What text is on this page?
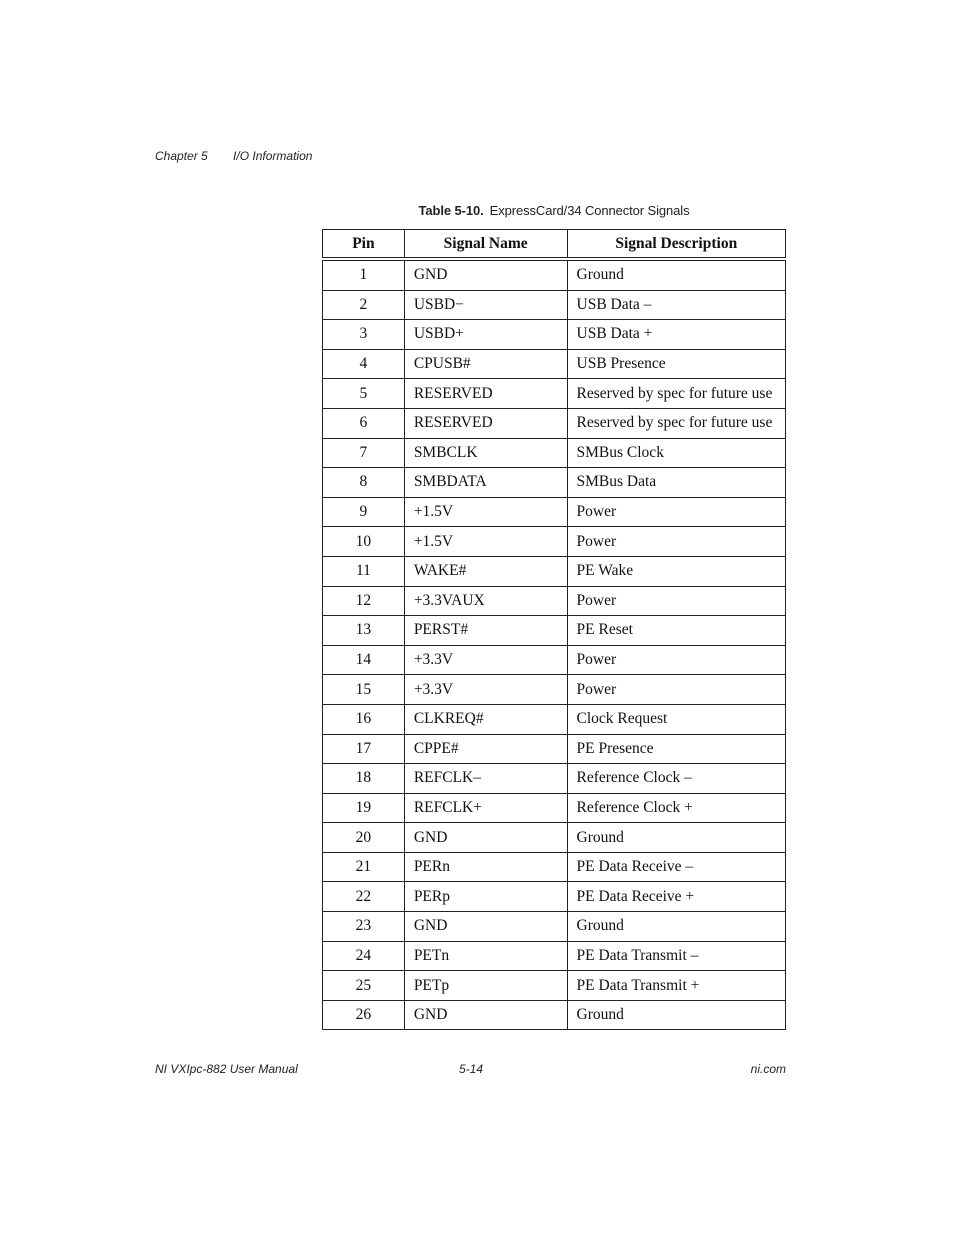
Chapter 5 I/O Information
Table 5-10. ExpressCard/34 Connector Signals
Pin	Signal Name	Signal Description
1	GND	Ground
2	USBD−	USB Data –
3	USBD+	USB Data +
4	CPUSB#	USB Presence
5	RESERVED	Reserved by spec for future use
6	RESERVED	Reserved by spec for future use
7	SMBCLK	SMBus Clock
8	SMBDATA	SMBus Data
9	+1.5V	Power
10	+1.5V	Power
11	WAKE#	PE Wake
12	+3.3VAUX	Power
13	PERST#	PE Reset
14	+3.3V	Power
15	+3.3V	Power
16	CLKREQ#	Clock Request
17	CPPE#	PE Presence
18	REFCLK–	Reference Clock –
19	REFCLK+	Reference Clock +
20	GND	Ground
21	PERn	PE Data Receive –
22	PERp	PE Data Receive +
23	GND	Ground
24	PETn	PE Data Transmit –
25	PETp	PE Data Transmit +
26	GND	Ground
NI VXIpc-882 User Manual	5-14	ni.com
